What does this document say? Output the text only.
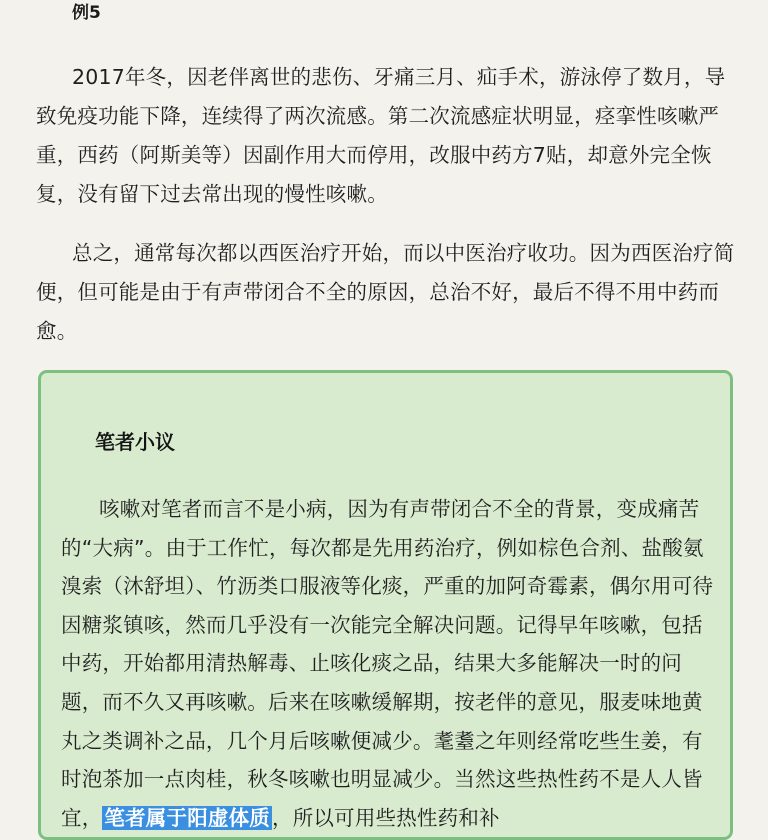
例5

2017年冬，因老伴离世的悲伤、牙痛三月、疝手术，游泳停了数月，导致免疫功能下降，连续得了两次流感。第二次流感症状明显，痉挛性咳嗽严重，西药（阿斯美等）因副作用大而停用，改服中药方7贴，却意外完全恢复，没有留下过去常出现的慢性咳嗽。

总之，通常每次都以西医治疗开始，而以中医治疗收功。因为西医治疗简便，但可能是由于有声带闭合不全的原因，总治不好，最后不得不用中药而愈。

笔者小议

咳嗽对笔者而言不是小病，因为有声带闭合不全的背景，变成痛苦的“大病”。由于工作忙，每次都是先用药治疗，例如棕色合剂、盐酸氨溴索（沐舒坦）、竹沥类口服液等化痰，严重的加阿奇霉素，偶尔用可待因糖浆镇咳，然而几乎没有一次能完全解决问题。记得早年咳嗽，包括中药，开始都用清热解毒、止咳化痰之品，结果大多能解决一时的问题，而不久又再咳嗽。后来在咳嗽缓解期，按老伴的意见，服麦味地黄丸之类调补之品，几个月后咳嗽便减少。耄耋之年则经常吃些生姜，有时泡茶加一点肉桂，秋冬咳嗽也明显减少。当然这些热性药不是人人皆宜，笔者属于阳虚体质，所以可用些热性药和补
